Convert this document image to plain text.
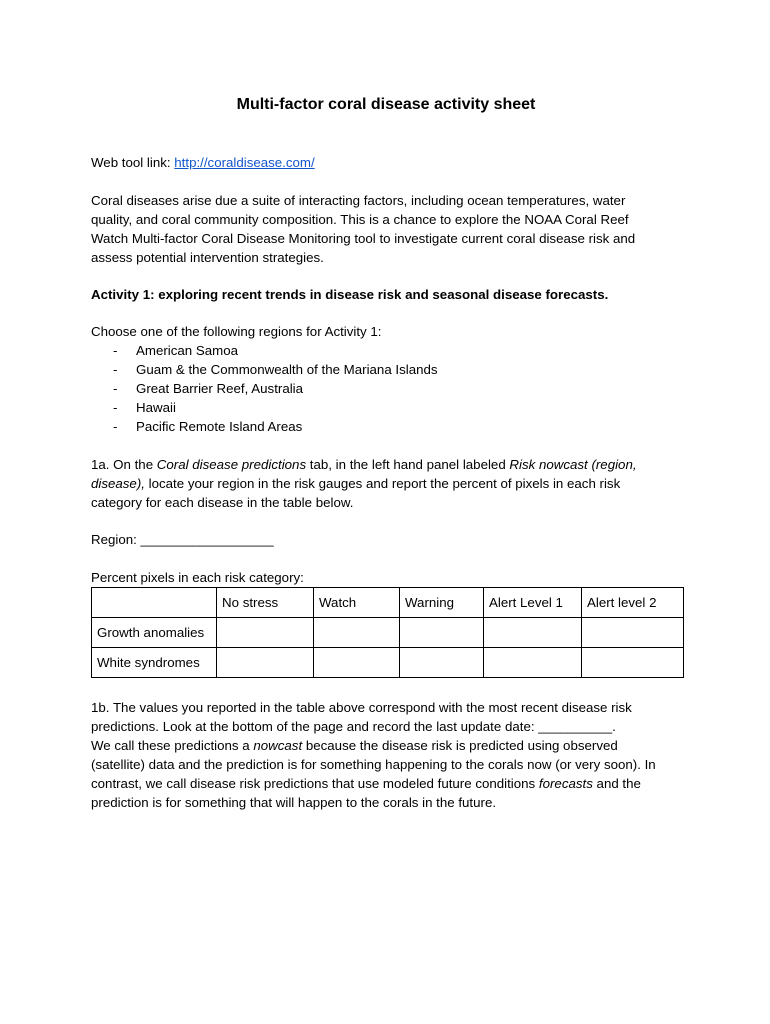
Multi-factor coral disease activity sheet

Web tool link: http://coraldisease.com/

Coral diseases arise due a suite of interacting factors, including ocean temperatures, water
quality, and coral community composition. This is a chance to explore the NOAA Coral Reef
Watch Multi-factor Coral Disease Monitoring tool to investigate current coral disease risk and
assess potential intervention strategies.

Activity 1: exploring recent trends in disease risk and seasonal disease forecasts.

Choose one of the following regions for Activity 1:

- American Samoa
- Guam & the Commonwealth of the Mariana Islands
- Great Barrier Reef, Australia
- Hawaii
- Pacific Remote Island Areas
1a. On the Coral disease predictions tab, in the left hand panel labeled Risk nowcast (region,
disease), locate your region in the risk gauges and report the percent of pixels in each risk
category for each disease in the table below.

Region: __________________

Percent pixels in each risk category:

	No stress	Watch	Warning	Alert Level 1	Alert level 2
Growth anomalies					
White syndromes					
1b. The values you reported in the table above correspond with the most recent disease risk
predictions. Look at the bottom of the page and record the last update date: __________.
We call these predictions a nowcast because the disease risk is predicted using observed
(satellite) data and the prediction is for something happening to the corals now (or very soon). In
contrast, we call disease risk predictions that use modeled future conditions forecasts and the
prediction is for something that will happen to the corals in the future.
